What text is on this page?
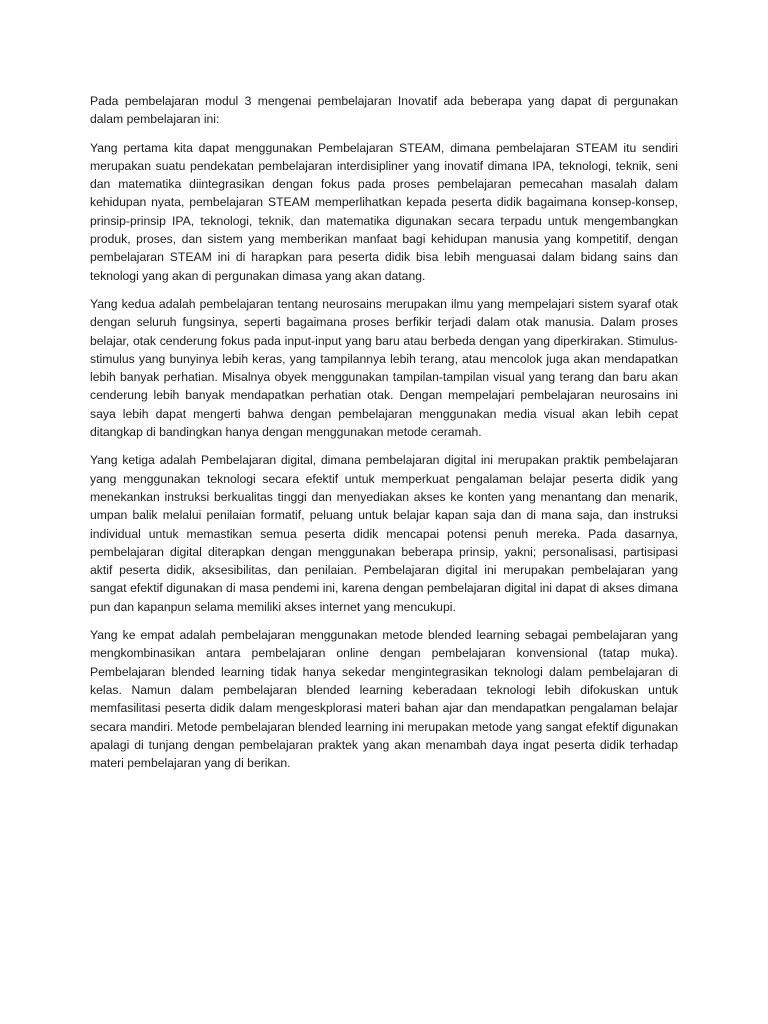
Pada pembelajaran modul 3 mengenai pembelajaran Inovatif ada beberapa yang dapat di pergunakan dalam pembelajaran ini:

Yang pertama kita dapat menggunakan Pembelajaran STEAM, dimana pembelajaran STEAM itu sendiri merupakan suatu pendekatan pembelajaran interdisipliner yang inovatif dimana IPA, teknologi, teknik, seni dan matematika diintegrasikan dengan fokus pada proses pembelajaran pemecahan masalah dalam kehidupan nyata, pembelajaran STEAM memperlihatkan kepada peserta didik bagaimana konsep-konsep, prinsip-prinsip IPA, teknologi, teknik, dan matematika digunakan secara terpadu untuk mengembangkan produk, proses, dan sistem yang memberikan manfaat bagi kehidupan manusia yang kompetitif, dengan pembelajaran STEAM ini di harapkan para peserta didik bisa lebih menguasai dalam bidang sains dan teknologi yang akan di pergunakan dimasa yang akan datang.

Yang kedua adalah pembelajaran tentang neurosains merupakan ilmu yang mempelajari sistem syaraf otak dengan seluruh fungsinya, seperti bagaimana proses berfikir terjadi dalam otak manusia. Dalam proses belajar, otak cenderung fokus pada input-input yang baru atau berbeda dengan yang diperkirakan. Stimulus-stimulus yang bunyinya lebih keras, yang tampilannya lebih terang, atau mencolok juga akan mendapatkan lebih banyak perhatian. Misalnya obyek menggunakan tampilan-tampilan visual yang terang dan baru akan cenderung lebih banyak mendapatkan perhatian otak. Dengan mempelajari pembelajaran neurosains ini saya lebih dapat mengerti bahwa dengan pembelajaran menggunakan media visual akan lebih cepat ditangkap di bandingkan hanya dengan menggunakan metode ceramah.

Yang ketiga adalah Pembelajaran digital, dimana pembelajaran digital ini merupakan praktik pembelajaran yang menggunakan teknologi secara efektif untuk memperkuat pengalaman belajar peserta didik yang menekankan instruksi berkualitas tinggi dan menyediakan akses ke konten yang menantang dan menarik, umpan balik melalui penilaian formatif, peluang untuk belajar kapan saja dan di mana saja, dan instruksi individual untuk memastikan semua peserta didik mencapai potensi penuh mereka. Pada dasarnya, pembelajaran digital diterapkan dengan menggunakan beberapa prinsip, yakni; personalisasi, partisipasi aktif peserta didik, aksesibilitas, dan penilaian. Pembelajaran digital ini merupakan pembelajaran yang sangat efektif digunakan di masa pendemi ini, karena dengan pembelajaran digital ini dapat di akses dimana pun dan kapanpun selama memiliki akses internet yang mencukupi.

Yang ke empat adalah pembelajaran menggunakan metode blended learning sebagai pembelajaran yang mengkombinasikan antara pembelajaran online dengan pembelajaran konvensional (tatap muka). Pembelajaran blended learning tidak hanya sekedar mengintegrasikan teknologi dalam pembelajaran di kelas. Namun dalam pembelajaran blended learning keberadaan teknologi lebih difokuskan untuk memfasilitasi peserta didik dalam mengeskplorasi materi bahan ajar dan mendapatkan pengalaman belajar secara mandiri. Metode pembelajaran blended learning ini merupakan metode yang sangat efektif digunakan apalagi di tunjang dengan pembelajaran praktek yang akan menambah daya ingat peserta didik terhadap materi pembelajaran yang di berikan.
